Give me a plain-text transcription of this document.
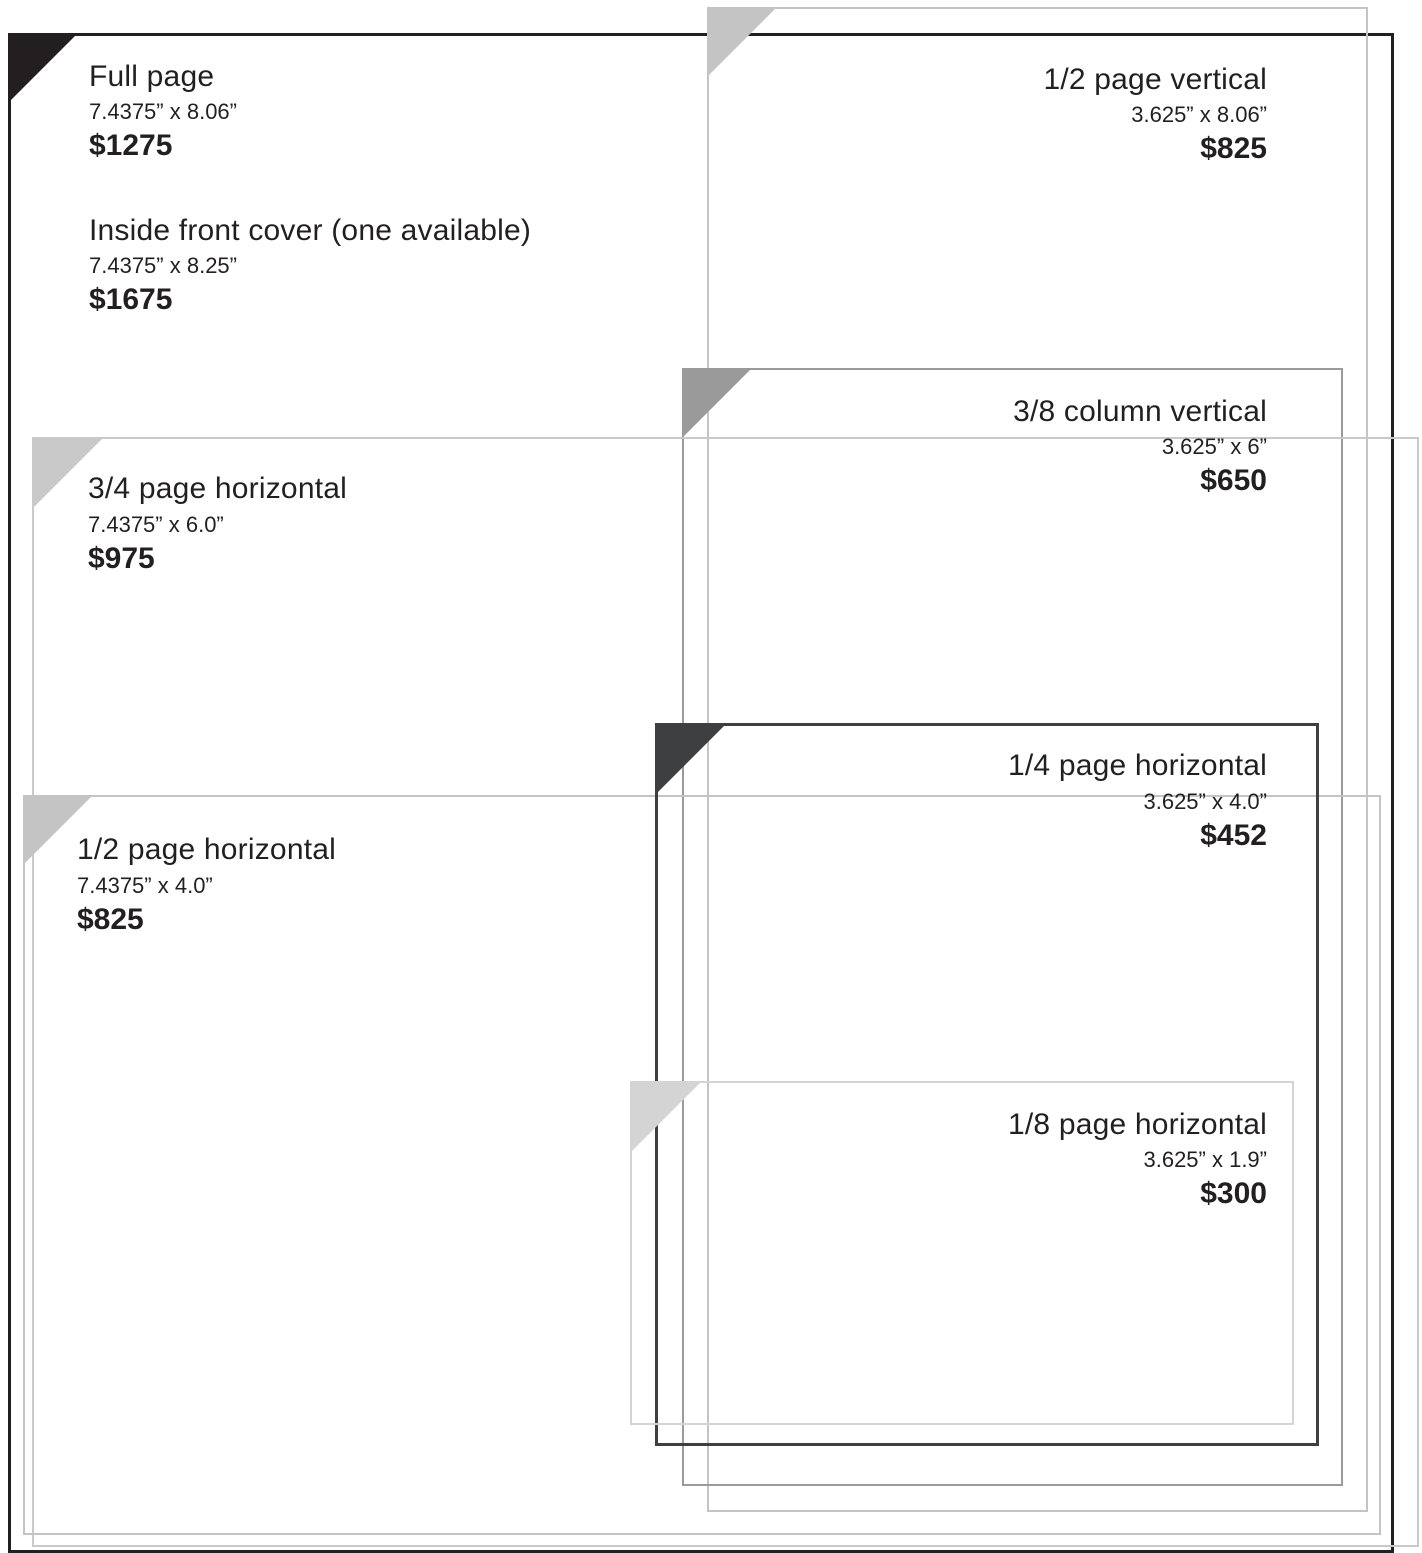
Full page
7.4375” x 8.06”
$1275
Inside front cover (one available)
7.4375” x 8.25”
$1675
1/2 page vertical
3.625” x 8.06”
$825
3/8 column vertical
3.625” x 6”
$650
3/4 page horizontal
7.4375” x 6.0”
$975
1/4 page horizontal
3.625” x 4.0”
$452
1/2 page horizontal
7.4375” x 4.0”
$825
1/8 page horizontal
3.625” x 1.9”
$300
